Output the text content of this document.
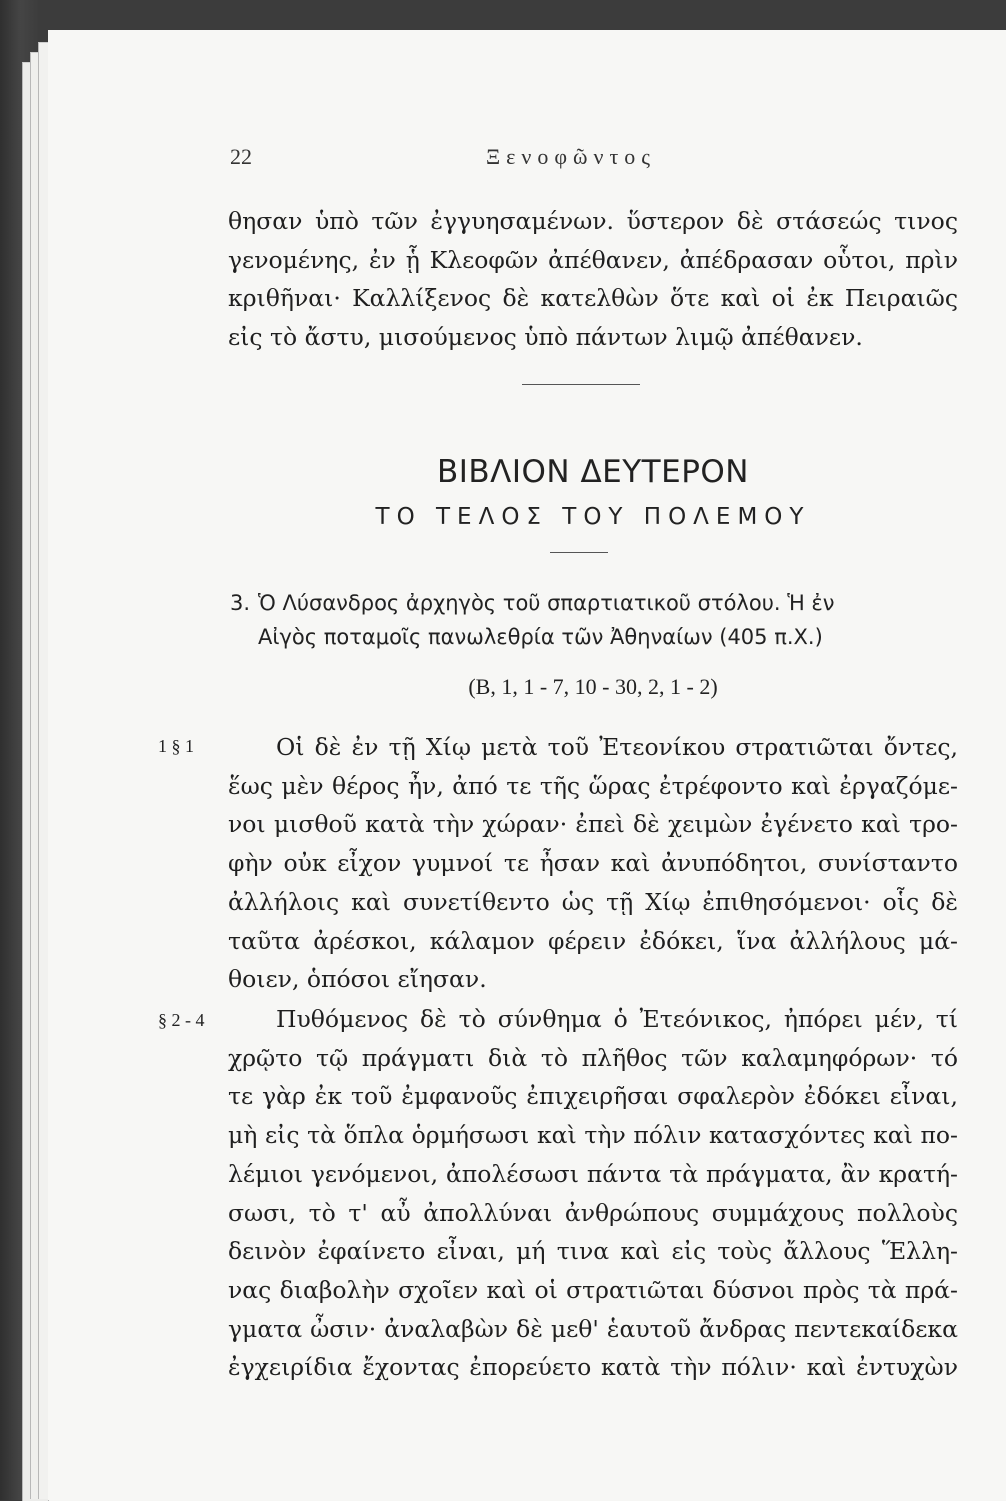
22	Ξενοφῶντος
θησαν ὑπὸ τῶν ἐγγυησαμένων. ὕστερον δὲ στάσεώς τινος
γενομένης, ἐν ᾗ Κλεοφῶν ἀπέθανεν, ἀπέδρασαν οὗτοι, πρὶν
κριθῆναι· Καλλίξενος δὲ κατελθὼν ὅτε καὶ οἱ ἐκ Πειραιῶς
εἰς τὸ ἄστυ, μισούμενος ὑπὸ πάντων λιμῷ ἀπέθανεν.
ΒΙΒΛΙΟΝ ΔΕΥΤΕΡΟΝ
ΤΟ ΤΕΛΟΣ ΤΟΥ ΠΟΛΕΜΟΥ
3. Ὁ Λύσανδρος ἀρχηγὸς τοῦ σπαρτιατικοῦ στόλου. Ἡ ἐν
Αἰγὸς ποταμοῖς πανωλεθρία τῶν Ἀθηναίων (405 π.Χ.)
(Β, 1, 1 - 7, 10 - 30, 2, 1 - 2)
1 § 1	Οἱ δὲ ἐν τῇ Χίῳ μετὰ τοῦ Ἐτεονίκου στρατιῶται ὄντες,
ἕως μὲν θέρος ἦν, ἀπό τε τῆς ὥρας ἐτρέφοντο καὶ ἐργαζόμε-
νοι μισθοῦ κατὰ τὴν χώραν· ἐπεὶ δὲ χειμὼν ἐγένετο καὶ τρο-
φὴν οὐκ εἶχον γυμνοί τε ἦσαν καὶ ἀνυπόδητοι, συνίσταντο
ἀλλήλοις καὶ συνετίθεντο ὡς τῇ Χίῳ ἐπιθησόμενοι· οἷς δὲ
ταῦτα ἀρέσκοι, κάλαμον φέρειν ἐδόκει, ἵνα ἀλλήλους μά-
θοιεν, ὁπόσοι εἴησαν.
§ 2 - 4	Πυθόμενος δὲ τὸ σύνθημα ὁ Ἐτεόνικος, ἠπόρει μέν, τί
χρῷτο τῷ πράγματι διὰ τὸ πλῆθος τῶν καλαμηφόρων· τό
τε γὰρ ἐκ τοῦ ἐμφανοῦς ἐπιχειρῆσαι σφαλερὸν ἐδόκει εἶναι,
μὴ εἰς τὰ ὅπλα ὁρμήσωσι καὶ τὴν πόλιν κατασχόντες καὶ πο-
λέμιοι γενόμενοι, ἀπολέσωσι πάντα τὰ πράγματα, ἂν κρατή-
σωσι, τὸ τ' αὖ ἀπολλύναι ἀνθρώπους συμμάχους πολλοὺς
δεινὸν ἐφαίνετο εἶναι, μή τινα καὶ εἰς τοὺς ἄλλους Ἕλλη-
νας διαβολὴν σχοῖεν καὶ οἱ στρατιῶται δύσνοι πρὸς τὰ πρά-
γματα ὦσιν· ἀναλαβὼν δὲ μεθ' ἑαυτοῦ ἄνδρας πεντεκαίδεκα
ἐγχειρίδια ἔχοντας ἐπορεύετο κατὰ τὴν πόλιν· καὶ ἐντυχὼν
